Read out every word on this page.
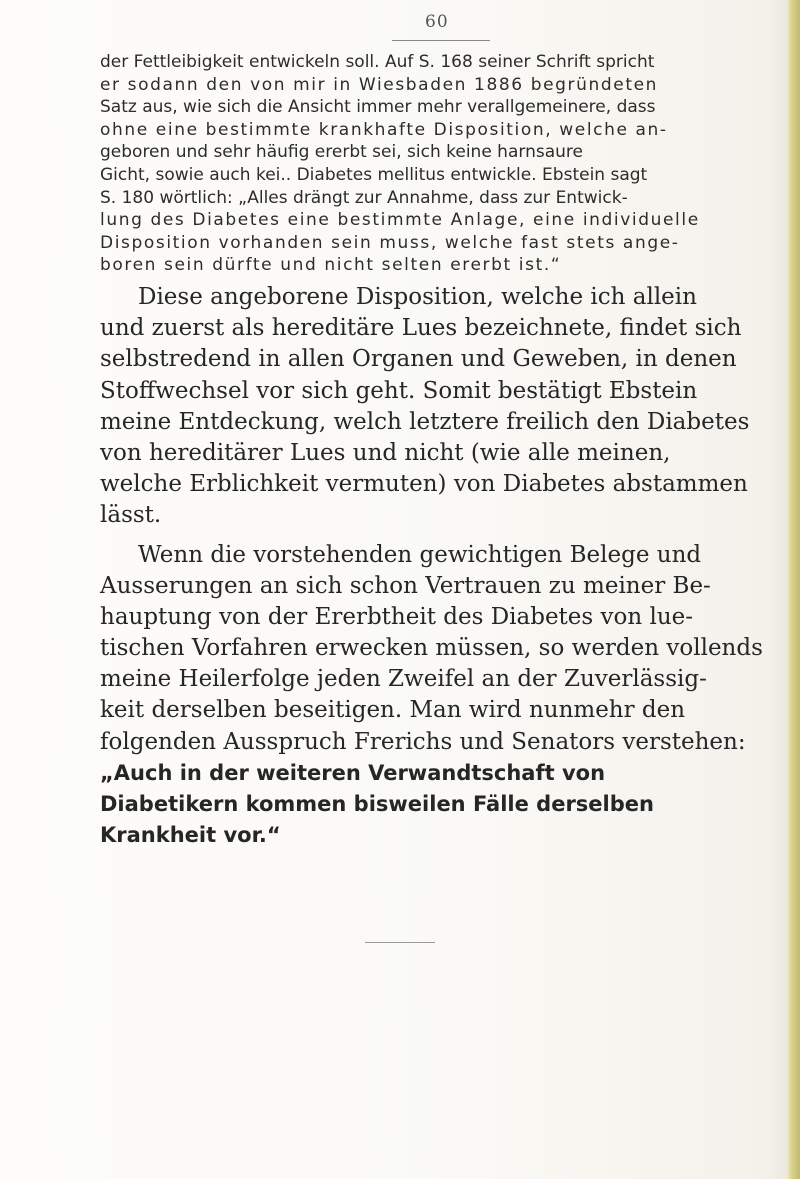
60
der Fettleibigkeit entwickeln soll. Auf S. 168 seiner Schrift spricht
er sodann den von mir in Wiesbaden 1886 begründeten
Satz aus, wie sich die Ansicht immer mehr verallgemeinere, dass
ohne eine bestimmte krankhafte Disposition, welche an-
geboren und sehr häufig ererbt sei, sich keine harnsaure
Gicht, sowie auch kei.. Diabetes mellitus entwickle. Ebstein sagt
S. 180 wörtlich: „Alles drängt zur Annahme, dass zur Entwick-
lung des Diabetes eine bestimmte Anlage, eine individuelle
Disposition vorhanden sein muss, welche fast stets ange-
boren sein dürfte und nicht selten ererbt ist.“
Diese angeborene Disposition, welche ich allein
und zuerst als hereditäre Lues bezeichnete, findet sich
selbstredend in allen Organen und Geweben, in denen
Stoffwechsel vor sich geht. Somit bestätigt Ebstein
meine Entdeckung, welch letztere freilich den Diabetes
von hereditärer Lues und nicht (wie alle meinen,
welche Erblichkeit vermuten) von Diabetes abstammen
lässt.
Wenn die vorstehenden gewichtigen Belege und
Ausserungen an sich schon Vertrauen zu meiner Be-
hauptung von der Ererbtheit des Diabetes von lue-
tischen Vorfahren erwecken müssen, so werden vollends
meine Heilerfolge jeden Zweifel an der Zuverlässig-
keit derselben beseitigen. Man wird nunmehr den
folgenden Ausspruch Frerichs und Senators verstehen:
„Auch in der weiteren Verwandtschaft von
Diabetikern kommen bisweilen Fälle derselben
Krankheit vor.“
